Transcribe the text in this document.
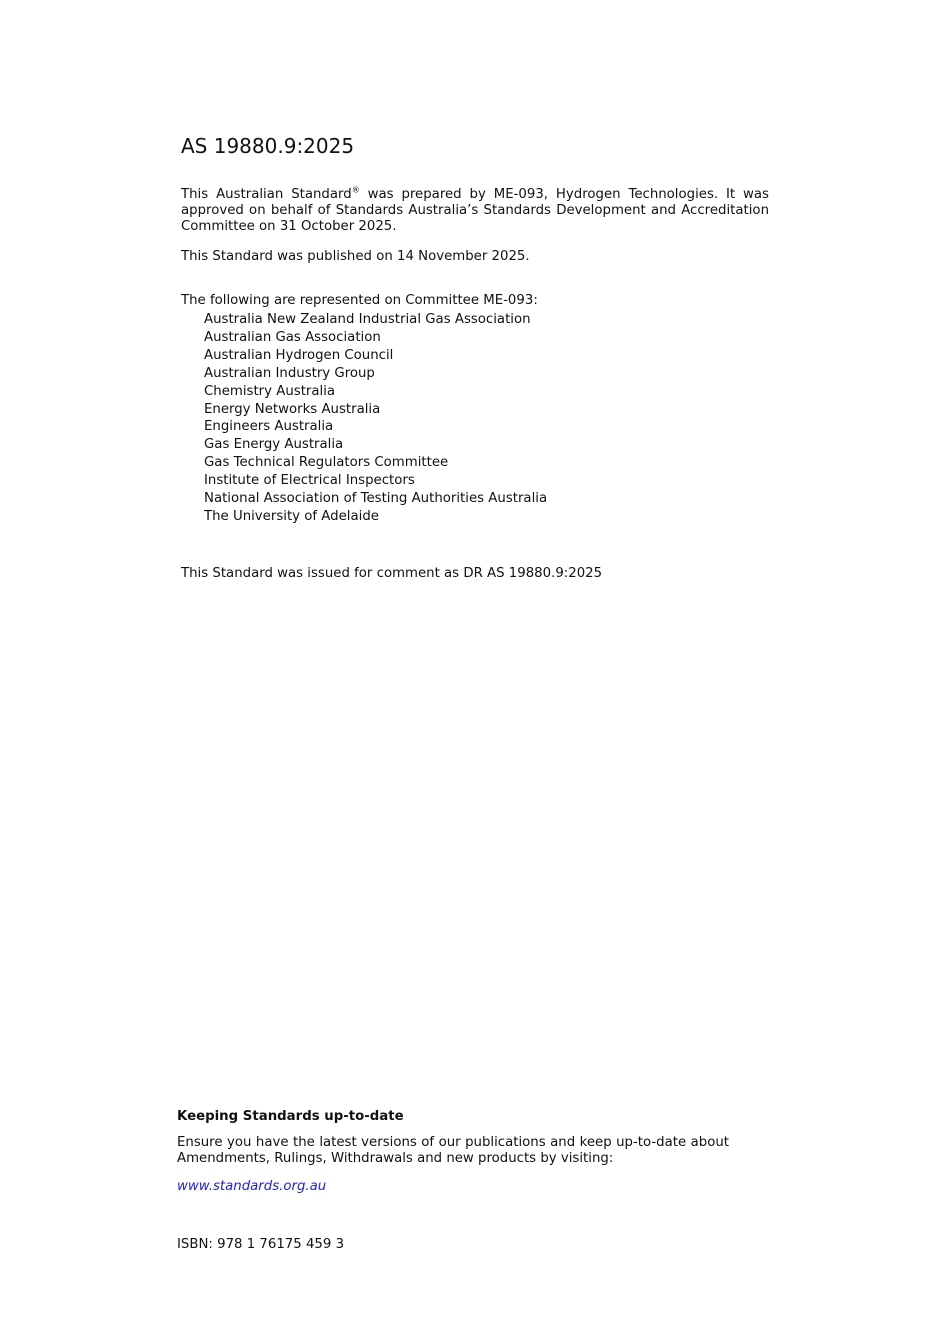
AS 19880.9:2025

This Australian Standard® was prepared by ME-093, Hydrogen Technologies. It was approved on behalf of Standards Australia’s Standards Development and Accreditation Committee on 31 October 2025.

This Standard was published on 14 November 2025.

The following are represented on Committee ME-093:

Australia New Zealand Industrial Gas Association
Australian Gas Association
Australian Hydrogen Council
Australian Industry Group
Chemistry Australia
Energy Networks Australia
Engineers Australia
Gas Energy Australia
Gas Technical Regulators Committee
Institute of Electrical Inspectors
National Association of Testing Authorities Australia
The University of Adelaide

This Standard was issued for comment as DR AS 19880.9:2025

Keeping Standards up-to-date

Ensure you have the latest versions of our publications and keep up-to-date about Amendments, Rulings, Withdrawals and new products by visiting:

www.standards.org.au
ISBN: 978 1 76175 459 3
